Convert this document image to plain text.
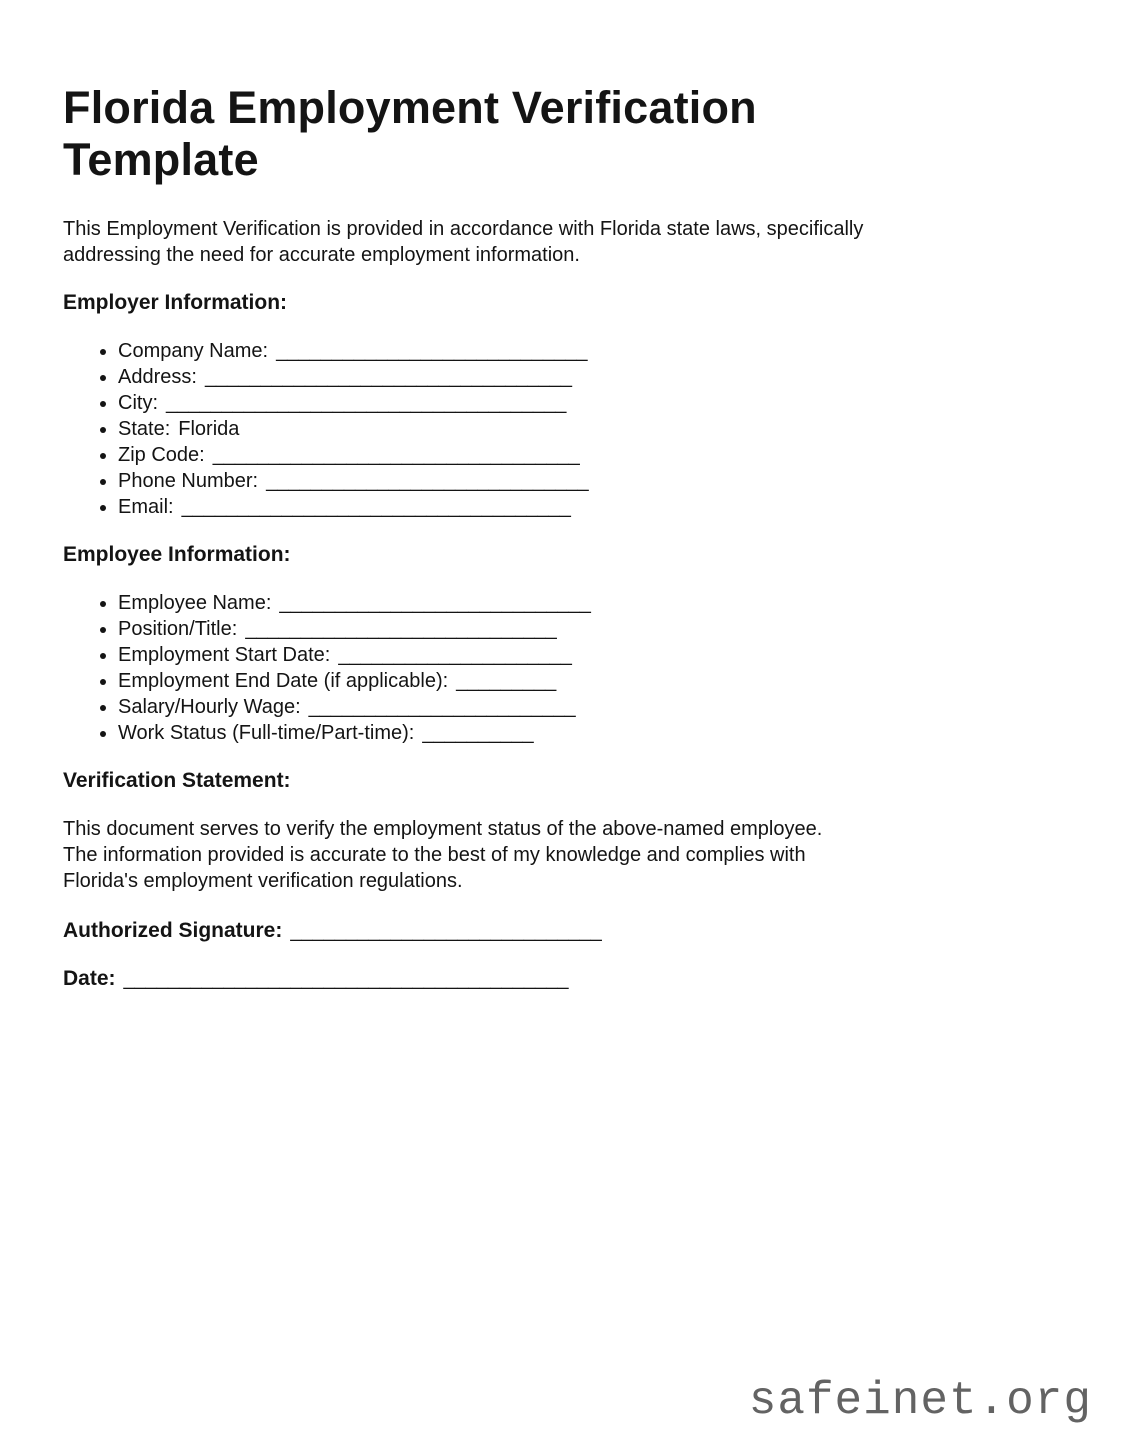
Florida Employment Verification Template

This Employment Verification is provided in accordance with Florida state laws, specifically addressing the need for accurate employment information.

Employer Information:
• Company Name: ____________________________
• Address: _________________________________
• City: ____________________________________
• State: Florida
• Zip Code: _________________________________
• Phone Number: _____________________________
• Email: ___________________________________
Employee Information:
• Employee Name: ____________________________
• Position/Title: ____________________________
• Employment Start Date: _____________________
• Employment End Date (if applicable): _________
• Salary/Hourly Wage: ________________________
• Work Status (Full-time/Part-time): __________
Verification Statement:

This document serves to verify the employment status of the above-named employee. The information provided is accurate to the best of my knowledge and complies with Florida's employment verification regulations.

Authorized Signature: ____________________________

Date: ________________________________________

safeinet.org
